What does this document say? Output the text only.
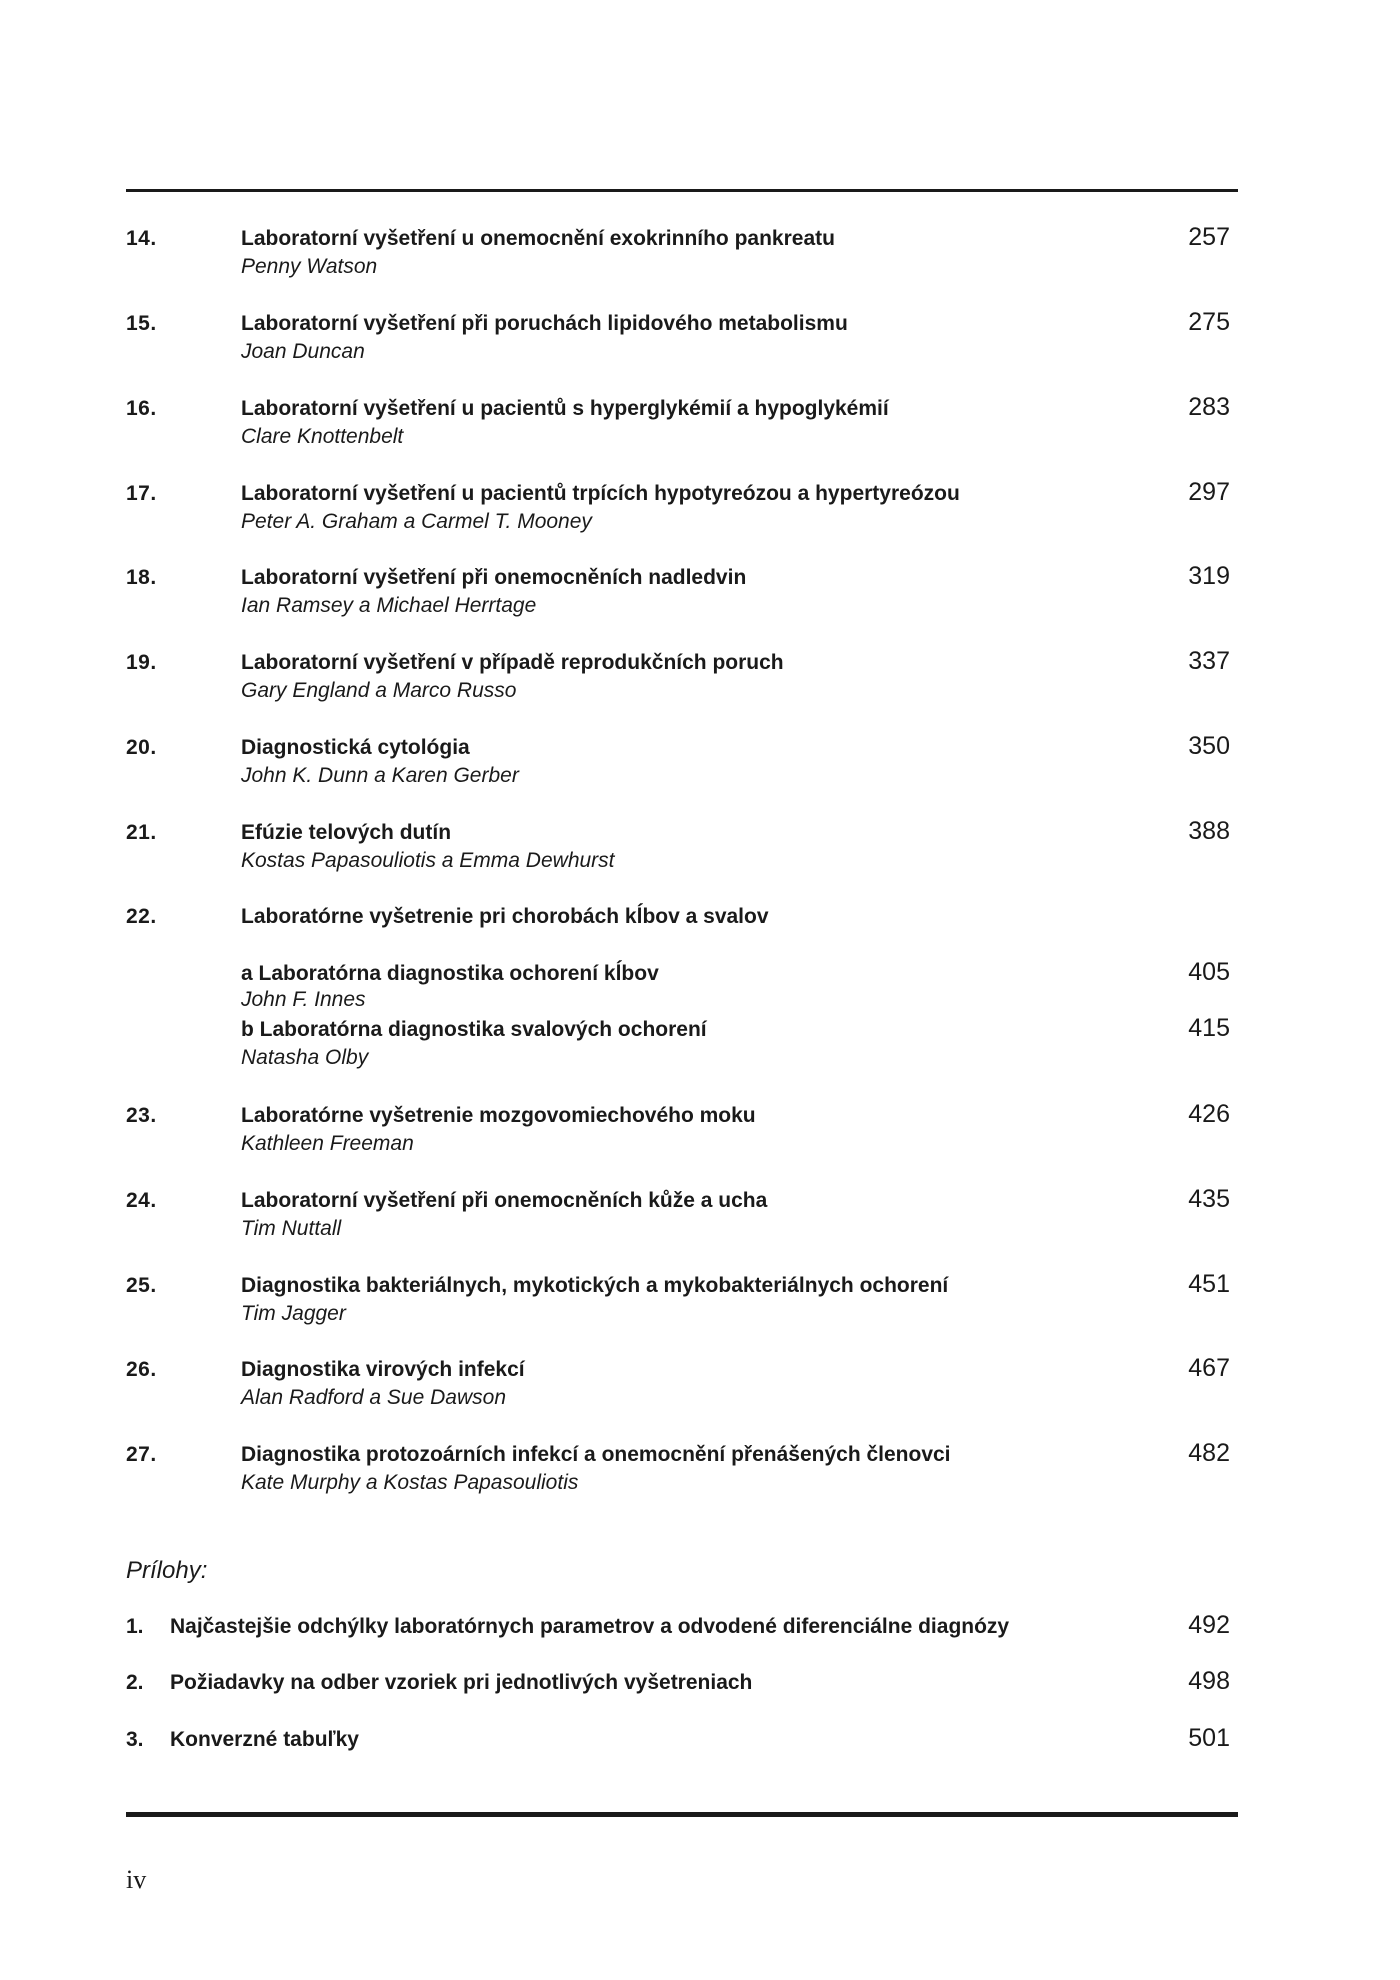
14.	Laboratorní vyšetření u onemocnění exokrinního pankreatu
Penny Watson
257
15.	Laboratorní vyšetření při poruchách lipidového metabolismu
Joan Duncan
275
16.	Laboratorní vyšetření u pacientů s hyperglykémií a hypoglykémií
Clare Knottenbelt
283
17.	Laboratorní vyšetření u pacientů trpících hypotyreózou a hypertyreózou
Peter A. Graham a Carmel T. Mooney
297
18.	Laboratorní vyšetření při onemocněních nadledvin
Ian Ramsey a Michael Herrtage
319
19.	Laboratorní vyšetření v případě reprodukčních poruch
Gary England a Marco Russo
337
20.	Diagnostická cytológia
John K. Dunn a Karen Gerber
350
21.	Efúzie telových dutín
Kostas Papasouliotis a Emma Dewhurst
388
22.	Laboratórne vyšetrenie pri chorobách kĺbov a svalov
a Laboratórna diagnostika ochorení kĺbov
John F. Innes
405
b Laboratórna diagnostika svalových ochorení
Natasha Olby
415
23.	Laboratórne vyšetrenie mozgovomiechového moku
Kathleen Freeman
426
24.	Laboratorní vyšetření při onemocněních kůže a ucha
Tim Nuttall
435
25.	Diagnostika bakteriálnych, mykotických a mykobakteriálnych ochorení
Tim Jagger
451
26.	Diagnostika virových infekcí
Alan Radford a Sue Dawson
467
27.	Diagnostika protozoárních infekcí a onemocnění přenášených členovci
Kate Murphy a Kostas Papasouliotis
482
Prílohy:
1. Najčastejšie odchýlky laboratórnych parametrov a odvodené diferenciálne diagnózy	492
2. Požiadavky na odber vzoriek pri jednotlivých vyšetreniach	498
3. Konverzné tabuľky	501
iv
